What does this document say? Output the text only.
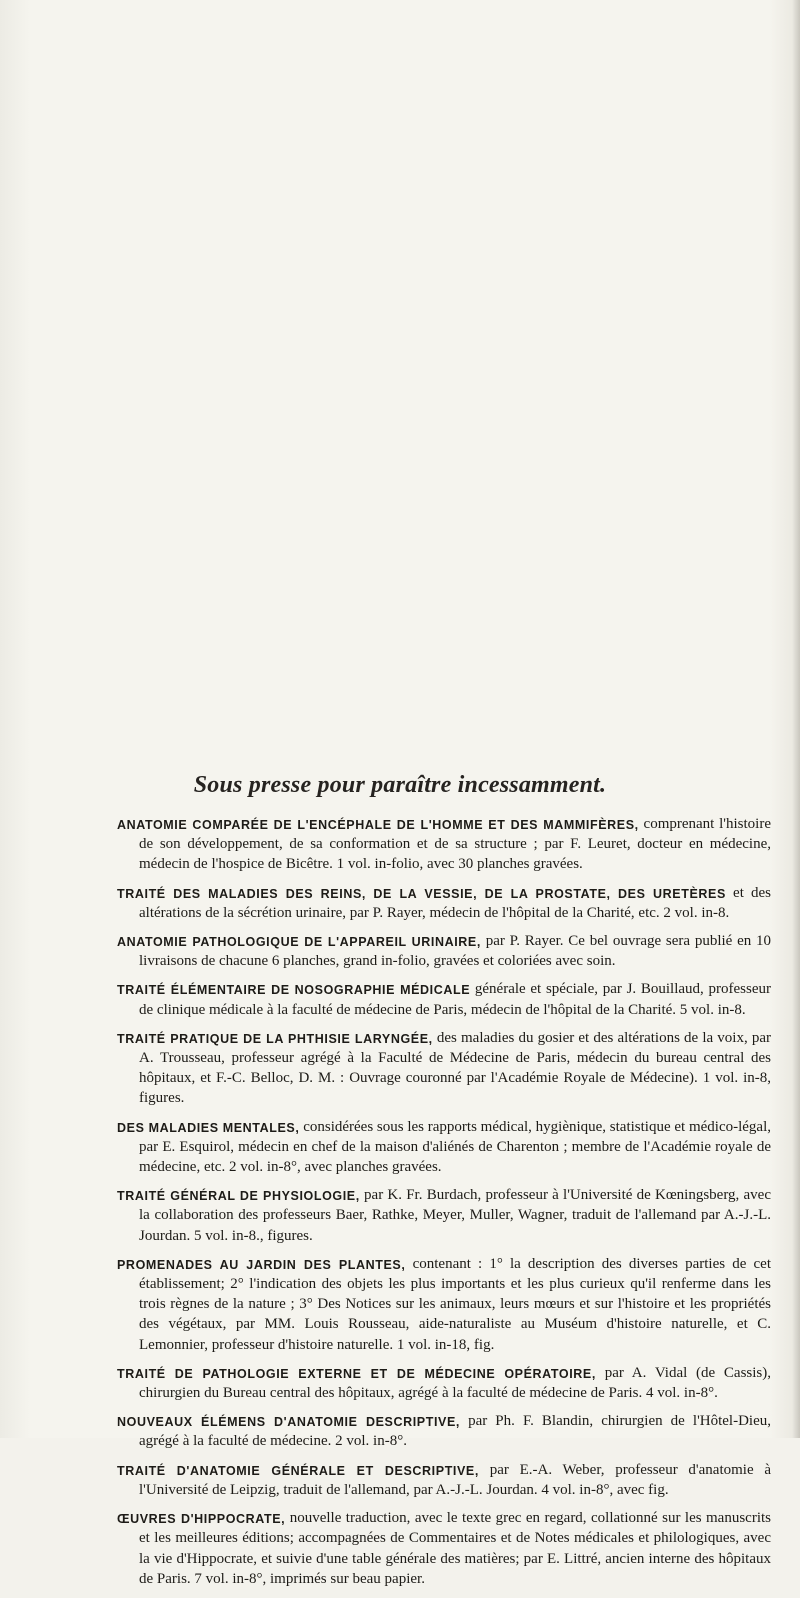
Sous presse pour paraître incessamment.

ANATOMIE COMPARÉE DE L'ENCÉPHALE DE L'HOMME ET DES MAMMIFÈRES, comprenant l'histoire de son développement, de sa conformation et de sa structure ; par F. Leuret, docteur en médecine, médecin de l'hospice de Bicêtre. 1 vol. in-folio, avec 30 planches gravées.

TRAITÉ DES MALADIES DES REINS, DE LA VESSIE, DE LA PROSTATE, DES URETÈRES et des altérations de la sécrétion urinaire, par P. Rayer, médecin de l'hôpital de la Charité, etc. 2 vol. in-8.

ANATOMIE PATHOLOGIQUE DE L'APPAREIL URINAIRE, par P. Rayer. Ce bel ouvrage sera publié en 10 livraisons de chacune 6 planches, grand in-folio, gravées et coloriées avec soin.

TRAITÉ ÉLÉMENTAIRE DE NOSOGRAPHIE MÉDICALE générale et spéciale, par J. Bouillaud, professeur de clinique médicale à la faculté de médecine de Paris, médecin de l'hôpital de la Charité. 5 vol. in-8.

TRAITÉ PRATIQUE DE LA PHTHISIE LARYNGÉE, des maladies du gosier et des altérations de la voix, par A. Trousseau, professeur agrégé à la Faculté de Médecine de Paris, médecin du bureau central des hôpitaux, et F.-C. Belloc, D. M. : Ouvrage couronné par l'Académie Royale de Médecine). 1 vol. in-8, figures.

DES MALADIES MENTALES, considérées sous les rapports médical, hygiènique, statistique et médico-légal, par E. Esquirol, médecin en chef de la maison d'aliénés de Charenton ; membre de l'Académie royale de médecine, etc. 2 vol. in-8°, avec planches gravées.

TRAITÉ GÉNÉRAL DE PHYSIOLOGIE, par K. Fr. Burdach, professeur à l'Université de Kœningsberg, avec la collaboration des professeurs Baer, Rathke, Meyer, Muller, Wagner, traduit de l'allemand par A.-J.-L. Jourdan. 5 vol. in-8., figures.

PROMENADES AU JARDIN DES PLANTES, contenant : 1° la description des diverses parties de cet établissement; 2° l'indication des objets les plus importants et les plus curieux qu'il renferme dans les trois règnes de la nature ; 3° Des Notices sur les animaux, leurs mœurs et sur l'histoire et les propriétés des végétaux, par MM. Louis Rousseau, aide-naturaliste au Muséum d'histoire naturelle, et C. Lemonnier, professeur d'histoire naturelle. 1 vol. in-18, fig.

TRAITÉ DE PATHOLOGIE EXTERNE ET DE MÉDECINE OPÉRATOIRE, par A. Vidal (de Cassis), chirurgien du Bureau central des hôpitaux, agrégé à la faculté de médecine de Paris. 4 vol. in-8°.

NOUVEAUX ÉLÉMENS D'ANATOMIE DESCRIPTIVE, par Ph. F. Blandin, chirurgien de l'Hôtel-Dieu, agrégé à la faculté de médecine. 2 vol. in-8°.

TRAITÉ D'ANATOMIE GÉNÉRALE ET DESCRIPTIVE, par E.-A. Weber, professeur d'anatomie à l'Université de Leipzig, traduit de l'allemand, par A.-J.-L. Jourdan. 4 vol. in-8°, avec fig.

ŒUVRES D'HIPPOCRATE, nouvelle traduction, avec le texte grec en regard, collationné sur les manuscrits et les meilleures éditions; accompagnées de Commentaires et de Notes médicales et philologiques, avec la vie d'Hippocrate, et suivie d'une table générale des matières; par E. Littré, ancien interne des hôpitaux de Paris. 7 vol. in-8°, imprimés sur beau papier.
